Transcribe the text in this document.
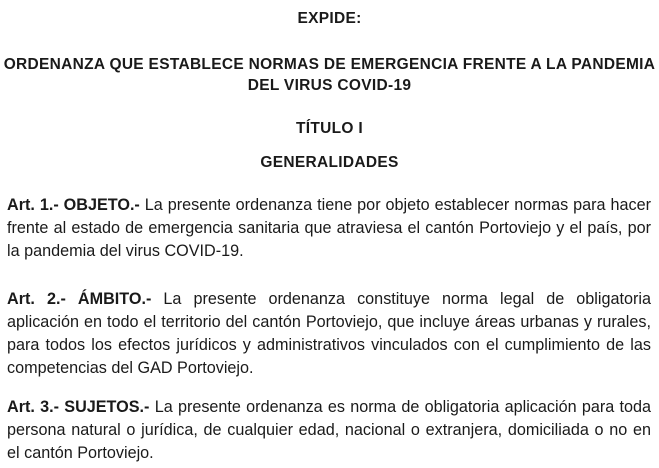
EXPIDE:

ORDENANZA QUE ESTABLECE NORMAS DE EMERGENCIA FRENTE A LA PANDEMIA DEL VIRUS COVID-19

TÍTULO I

GENERALIDADES

Art. 1.- OBJETO.- La presente ordenanza tiene por objeto establecer normas para hacer frente al estado de emergencia sanitaria que atraviesa el cantón Portoviejo y el país, por la pandemia del virus COVID-19.

Art. 2.- ÁMBITO.- La presente ordenanza constituye norma legal de obligatoria aplicación en todo el territorio del cantón Portoviejo, que incluye áreas urbanas y rurales, para todos los efectos jurídicos y administrativos vinculados con el cumplimiento de las competencias del GAD Portoviejo.

Art. 3.- SUJETOS.- La presente ordenanza es norma de obligatoria aplicación para toda persona natural o jurídica, de cualquier edad, nacional o extranjera, domiciliada o no en el cantón Portoviejo.
